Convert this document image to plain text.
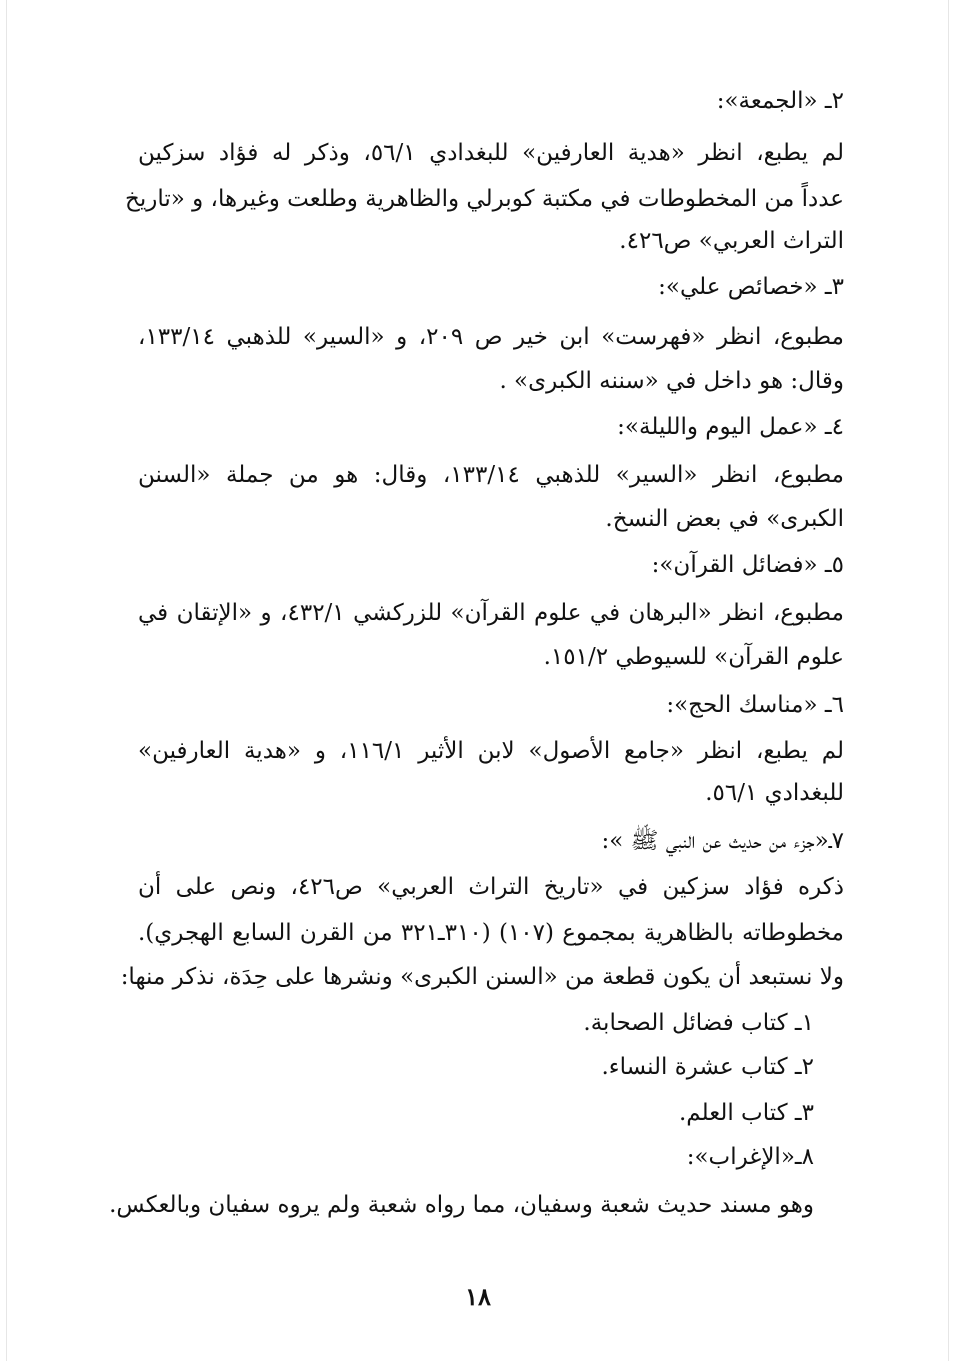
٢ـ «الجمعة»:
لم يطبع، انظر «هدية العارفين» للبغدادي ٥٦/١، وذكر له فؤاد سزكين
عدداً من المخطوطات في مكتبة كوبرلي والظاهرية وطلعت وغيرها، و «تاريخ
التراث العربي» ص٤٢٦.
٣ـ «خصائص علي»:
مطبوع، انظر «فهرست» ابن خير ص ٢٠٩، و «السير» للذهبي ١٣٣/١٤،
وقال: هو داخل في «سننه الكبرى» .
٤ـ «عمل اليوم والليلة»:
مطبوع، انظر «السير» للذهبي ١٣٣/١٤، وقال: هو من جملة «السنن
الكبرى» في بعض النسخ.
٥ـ «فضائل القرآن»:
مطبوع، انظر «البرهان في علوم القرآن» للزركشي ٤٣٢/١، و «الإتقان في
علوم القرآن» للسيوطي ١٥١/٢.
٦ـ «مناسك الحج»:
لم يطبع، انظر «جامع الأصول» لابن الأثير ١١٦/١، و «هدية العارفين»
للبغدادي ٥٦/١.
٧ـ«جزء من حديث عن النبي ﷺ »:
ذكره فؤاد سزكين في «تاريخ التراث العربي» ص٤٢٦، ونص على أن
مخطوطاته بالظاهرية بمجموع (١٠٧) (٣١٠ـ٣٢١ من القرن السابع الهجري).
ولا نستبعد أن يكون قطعة من «السنن الكبرى» ونشرها على حِدَة، نذكر منها:
١ـ كتاب فضائل الصحابة.
٢ـ كتاب عشرة النساء.
٣ـ كتاب العلم.
٨ـ«الإغراب»:
وهو مسند حديث شعبة وسفيان، مما رواه شعبة ولم يروه سفيان وبالعكس.
١٨
